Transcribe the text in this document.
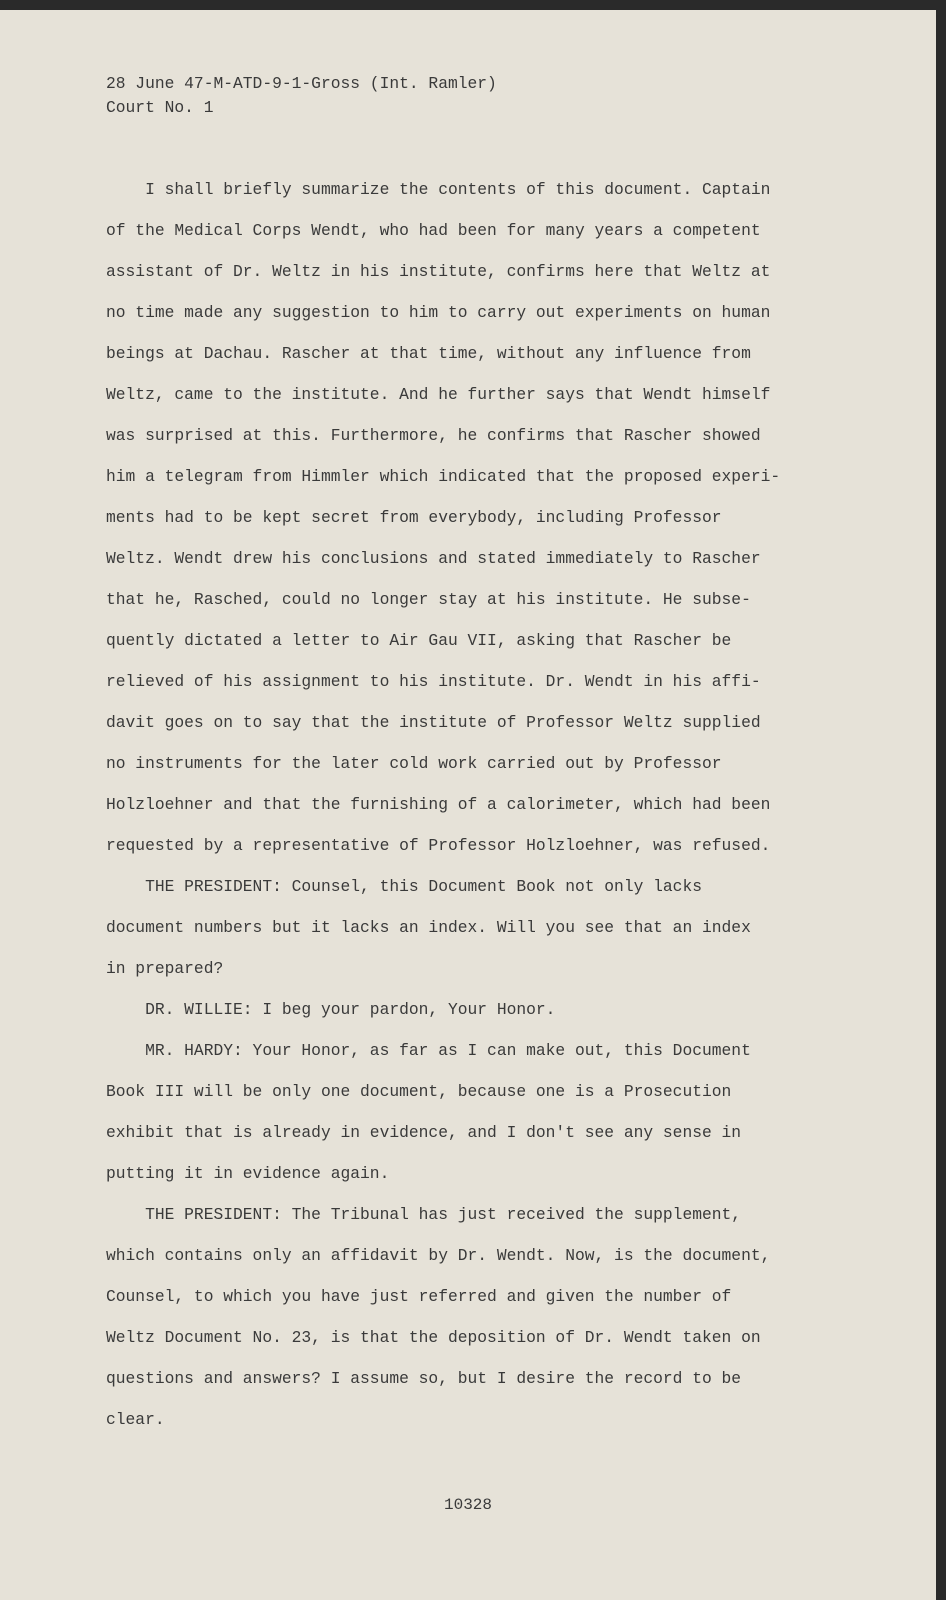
28 June 47-M-ATD-9-1-Gross (Int. Ramler)
Court No. 1
I shall briefly summarize the contents of this document. Captain
of the Medical Corps Wendt, who had been for many years a competent
assistant of Dr. Weltz in his institute, confirms here that Weltz at
no time made any suggestion to him to carry out experiments on human
beings at Dachau. Rascher at that time, without any influence from
Weltz, came to the institute. And he further says that Wendt himself
was surprised at this. Furthermore, he confirms that Rascher showed
him a telegram from Himmler which indicated that the proposed experi-
ments had to be kept secret from everybody, including Professor
Weltz. Wendt drew his conclusions and stated immediately to Rascher
that he, Rasched, could no longer stay at his institute. He subse-
quently dictated a letter to Air Gau VII, asking that Rascher be
relieved of his assignment to his institute. Dr. Wendt in his affi-
davit goes on to say that the institute of Professor Weltz supplied
no instruments for the later cold work carried out by Professor
Holzloehner and that the furnishing of a calorimeter, which had been
requested by a representative of Professor Holzloehner, was refused.
THE PRESIDENT: Counsel, this Document Book not only lacks
document numbers but it lacks an index. Will you see that an index
in prepared?
DR. WILLIE: I beg your pardon, Your Honor.
MR. HARDY: Your Honor, as far as I can make out, this Document
Book III will be only one document, because one is a Prosecution
exhibit that is already in evidence, and I don't see any sense in
putting it in evidence again.
THE PRESIDENT: The Tribunal has just received the supplement,
which contains only an affidavit by Dr. Wendt. Now, is the document,
Counsel, to which you have just referred and given the number of
Weltz Document No. 23, is that the deposition of Dr. Wendt taken on
questions and answers? I assume so, but I desire the record to be
clear.
10328
